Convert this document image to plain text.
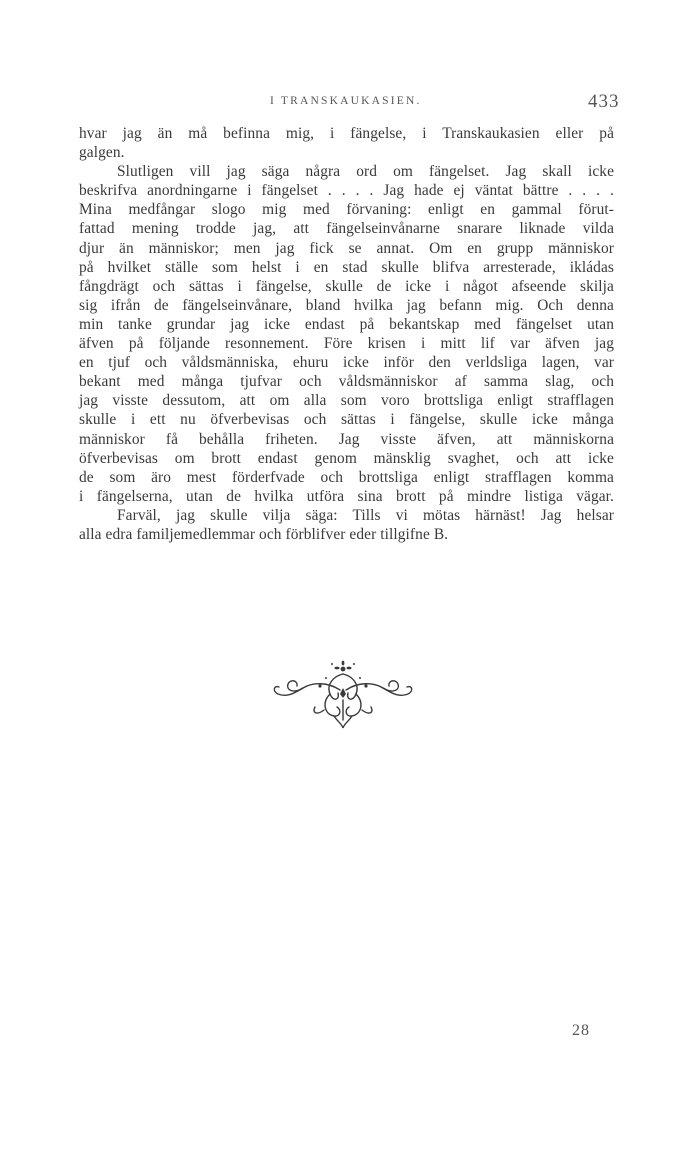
I TRANSKAUKASIEN.	433
hvar jag än må befinna mig, i fängelse, i Transkaukasien eller på
galgen.
Slutligen vill jag säga några ord om fängelset. Jag skall icke
beskrifva anordningarne i fängelset . . . . Jag hade ej väntat bättre . . . .
Mina medfångar slogo mig med förvaning: enligt en gammal förut-
fattad mening trodde jag, att fängelseinvånarne snarare liknade vilda
djur än människor; men jag fick se annat. Om en grupp människor
på hvilket ställe som helst i en stad skulle blifva arresterade, ikládas
fångdrägt och sättas i fängelse, skulle de icke i något afseende skilja
sig ifrån de fängelseinvånare, bland hvilka jag befann mig. Och denna
min tanke grundar jag icke endast på bekantskap med fängelset utan
äfven på följande resonnement. Före krisen i mitt lif var äfven jag
en tjuf och våldsmänniska, ehuru icke inför den verldsliga lagen, var
bekant med många tjufvar och våldsmänniskor af samma slag, och
jag visste dessutom, att om alla som voro brottsliga enligt strafflagen
skulle i ett nu öfverbevisas och sättas i fängelse, skulle icke många
människor få behålla friheten. Jag visste äfven, att människorna
öfverbevisas om brott endast genom mänsklig svaghet, och att icke
de som äro mest förderfvade och brottsliga enligt strafflagen komma
i fängelserna, utan de hvilka utföra sina brott på mindre listiga vägar.
Farväl, jag skulle vilja säga: Tills vi mötas härnäst! Jag helsar
alla edra familjemedlemmar och förblifver eder tillgifne B.
28
